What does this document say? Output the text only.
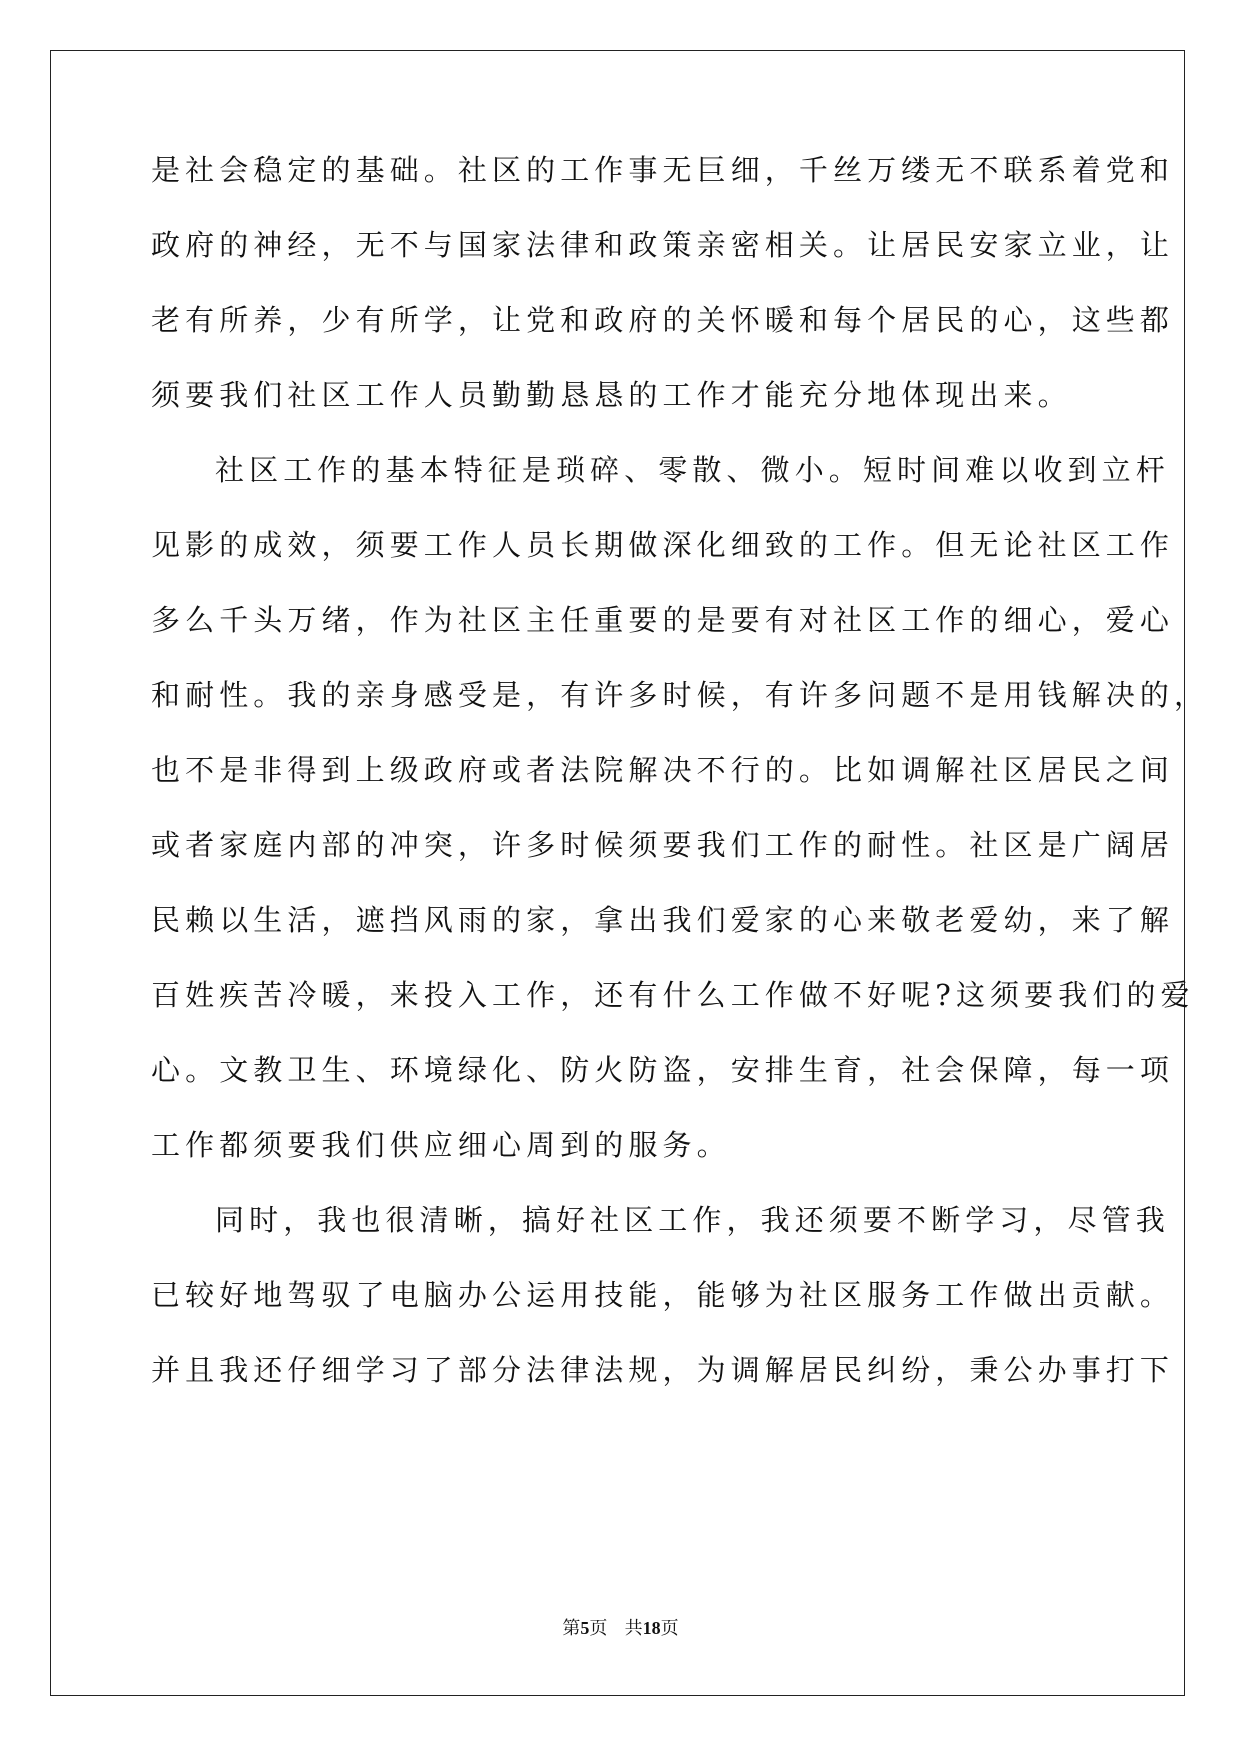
是社会稳定的基础。社区的工作事无巨细，千丝万缕无不联系着党和
政府的神经，无不与国家法律和政策亲密相关。让居民安家立业，让
老有所养，少有所学，让党和政府的关怀暖和每个居民的心，这些都
须要我们社区工作人员勤勤恳恳的工作才能充分地体现出来。
社区工作的基本特征是琐碎、零散、微小。短时间难以收到立杆
见影的成效，须要工作人员长期做深化细致的工作。但无论社区工作
多么千头万绪，作为社区主任重要的是要有对社区工作的细心，爱心
和耐性。我的亲身感受是，有许多时候，有许多问题不是用钱解决的，
也不是非得到上级政府或者法院解决不行的。比如调解社区居民之间
或者家庭内部的冲突，许多时候须要我们工作的耐性。社区是广阔居
民赖以生活，遮挡风雨的家，拿出我们爱家的心来敬老爱幼，来了解
百姓疾苦冷暖，来投入工作，还有什么工作做不好呢?这须要我们的爱
心。文教卫生、环境绿化、防火防盗，安排生育，社会保障，每一项
工作都须要我们供应细心周到的服务。
同时，我也很清晰，搞好社区工作，我还须要不断学习，尽管我
已较好地驾驭了电脑办公运用技能，能够为社区服务工作做出贡献。
并且我还仔细学习了部分法律法规，为调解居民纠纷，秉公办事打下
第5页 共18页
